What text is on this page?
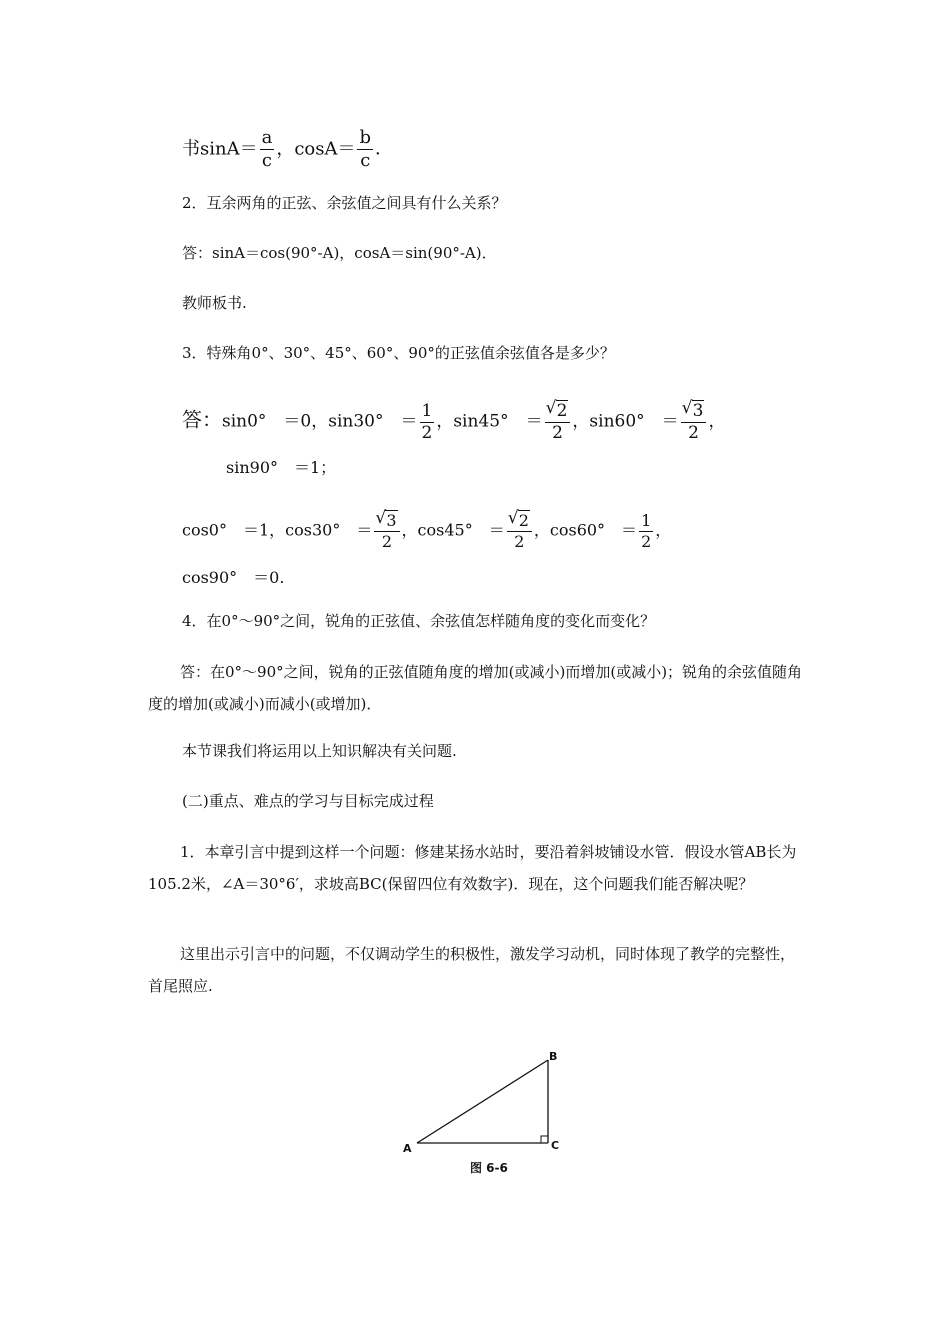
书$\sin A= \frac{a}{c}$ ，$\cos A= \frac{b}{c}$ ．
2．互余两角的正弦、余弦值之间具有什么关系？
答：sinA＝cos(90°-A)，cosA＝sin(90°-A)．
教师板书.
3．特殊角0°、30°、45°、60°、90°的正弦值余弦值各是多少？
答：sin0°　＝0，sin30°　＝ $\frac{1}{2}$ ，sin45°　＝ √ $\frac{2}{2}$ ，sin60°　＝ √ $\frac{3}{2}$ ，
sin90°　＝1；
cos0°　＝1，cos30°　＝ √ $\frac{3}{2}$ ，cos45°　＝ √ $\frac{2}{2}$ ，cos60°　＝ $\frac{1}{2}$ ，
cos90°　＝0.
4．在0°～90°之间，锐角的正弦值、余弦值怎样随角度的变化而变化？
答：在0°～90°之间，锐角的正弦值随角度的增加(或减小)而增加(或减小)；锐角的余弦值随角度的增加(或减小)而减小(或增加)．
本节课我们将运用以上知识解决有关问题.
(二)重点、难点的学习与目标完成过程
1．本章引言中提到这样一个问题：修建某扬水站时，要沿着斜坡铺设水管．假设水管AB长为105.2米，∠A＝30°6′，求坡高BC(保留四位有效数字)．现在，这个问题我们能否解决呢？
这里出示引言中的问题，不仅调动学生的积极性，激发学习动机，同时体现了教学的完整性，首尾照应.
A
B
C
图 6-6
